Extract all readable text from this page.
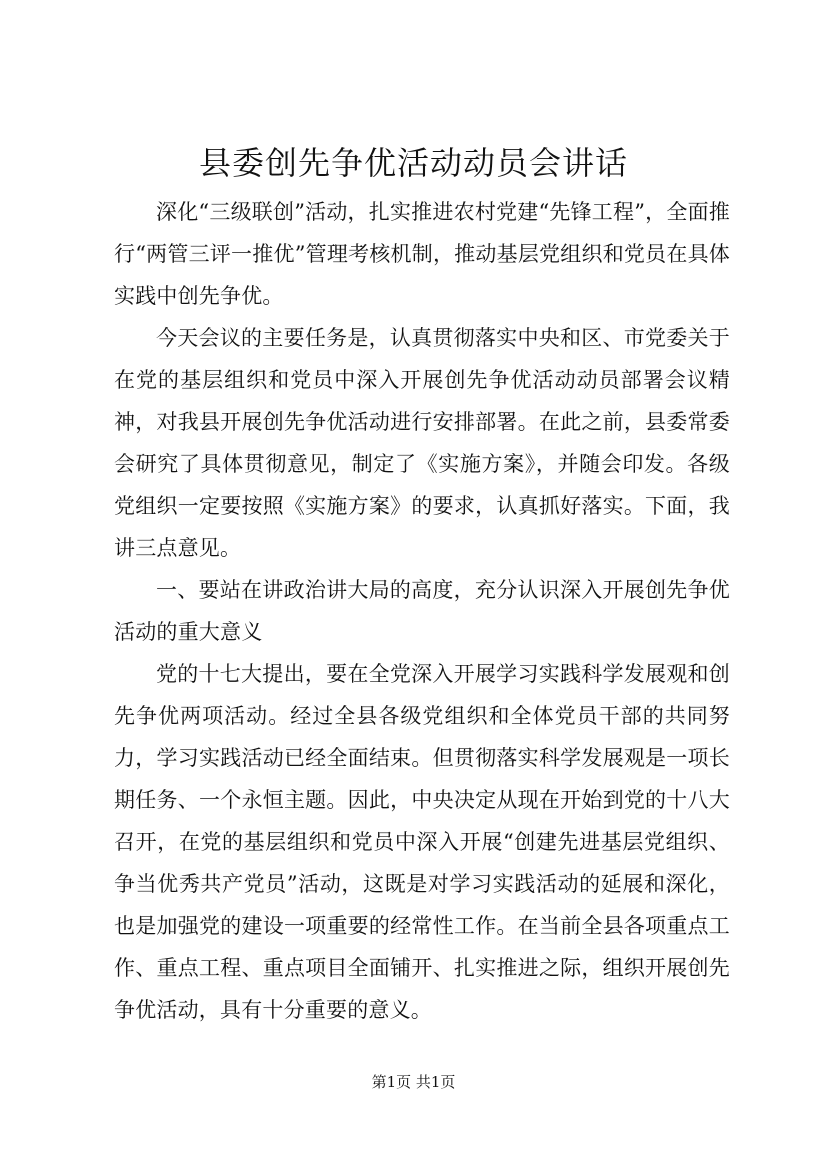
县委创先争优活动动员会讲话

深化“三级联创”活动，扎实推进农村党建“先锋工程”，全面推行“两管三评一推优”管理考核机制，推动基层党组织和党员在具体实践中创先争优。

今天会议的主要任务是，认真贯彻落实中央和区、市党委关于在党的基层组织和党员中深入开展创先争优活动动员部署会议精神，对我县开展创先争优活动进行安排部署。在此之前，县委常委会研究了具体贯彻意见，制定了《实施方案》，并随会印发。各级党组织一定要按照《实施方案》的要求，认真抓好落实。下面，我讲三点意见。

一、要站在讲政治讲大局的高度，充分认识深入开展创先争优活动的重大意义

党的十七大提出，要在全党深入开展学习实践科学发展观和创先争优两项活动。经过全县各级党组织和全体党员干部的共同努力，学习实践活动已经全面结束。但贯彻落实科学发展观是一项长期任务、一个永恒主题。因此，中央决定从现在开始到党的十八大召开，在党的基层组织和党员中深入开展“创建先进基层党组织、争当优秀共产党员”活动，这既是对学习实践活动的延展和深化，也是加强党的建设一项重要的经常性工作。在当前全县各项重点工作、重点工程、重点项目全面铺开、扎实推进之际，组织开展创先争优活动，具有十分重要的意义。

第1页 共1页
